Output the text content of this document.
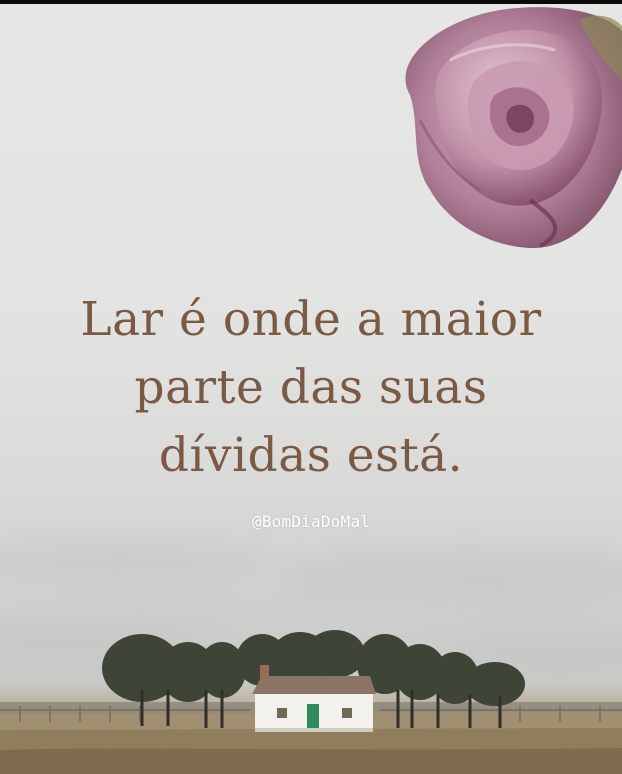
Lar é onde a maior
parte das suas
dívidas está.
@BomDiaDoMal
